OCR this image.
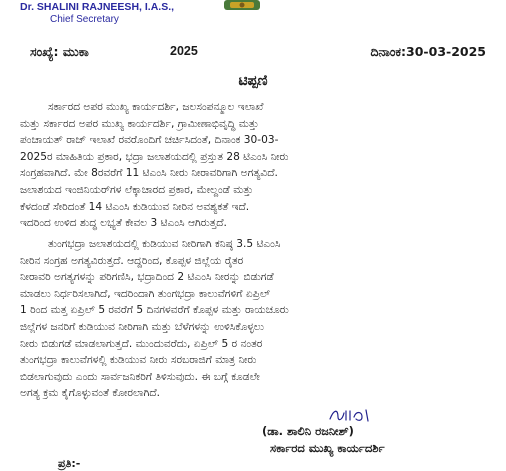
Dr. SHALINI RAJNEESH, I.A.S.,
Chief Secretary
ಸಂಖ್ಯೆ: ಮುಕಾ	2025	ದಿನಾಂಕ:30-03-2025
ಟಿಪ್ಪಣಿ
ಸರ್ಕಾರದ ಅಪರ ಮುಖ್ಯ ಕಾರ್ಯದರ್ಶಿ, ಜಲಸಂಪನ್ಮೂಲ ಇಲಾಖೆ
ಮತ್ತು ಸರ್ಕಾರದ ಅಪರ ಮುಖ್ಯ ಕಾರ್ಯದರ್ಶಿ, ಗ್ರಾಮೀಣಾಭಿವೃದ್ಧಿ ಮತ್ತು
ಪಂಚಾಯತ್ ರಾಜ್ ಇಲಾಖೆ ರವರೊಂದಿಗೆ ಚರ್ಚಿಸಿದಂತೆ, ದಿನಾಂಕ 30-03-
2025ರ ಮಾಹಿತಿಯ ಪ್ರಕಾರ, ಭದ್ರಾ ಜಲಾಶಯದಲ್ಲಿ ಪ್ರಸ್ತುತ 28 ಟಿಎಂಸಿ ನೀರು
ಸಂಗ್ರಹವಾಗಿದೆ. ಮೇ 8ರವರೆಗೆ 11 ಟಿಎಂಸಿ ನೀರು ನೀರಾವರಿಗಾಗಿ ಅಗತ್ಯವಿದೆ.
ಜಲಾಶಯದ ಇಂಜಿನಿಯರ್‌ಗಳ ಲೆಕ್ಕಾಚಾರದ ಪ್ರಕಾರ, ಮೇಲ್ದಂಡೆ ಮತ್ತು
ಕೆಳದಂಡೆ ಸೇರಿದಂತೆ 14 ಟಿಎಂಸಿ ಕುಡಿಯುವ ನೀರಿನ ಅವಶ್ಯಕತೆ ಇದೆ.
ಇದರಿಂದ ಉಳಿದ ಶುದ್ಧ ಲಭ್ಯತೆ ಕೇವಲ 3 ಟಿಎಂಸಿ ಆಗಿರುತ್ತದೆ.
ತುಂಗಭದ್ರಾ ಜಲಾಶಯದಲ್ಲಿ ಕುಡಿಯುವ ನೀರಿಗಾಗಿ ಕನಿಷ್ಠ 3.5 ಟಿಎಂಸಿ
ನೀರಿನ ಸಂಗ್ರಹ ಅಗತ್ಯವಿರುತ್ತದೆ. ಆದ್ದರಿಂದ, ಕೊಪ್ಪಳ ಜಿಲ್ಲೆಯ ರೈತರ
ನೀರಾವರಿ ಅಗತ್ಯಗಳನ್ನು ಪರಿಗಣಿಸಿ, ಭದ್ರಾದಿಂದ 2 ಟಿಎಂಸಿ ನೀರನ್ನು ಬಿಡುಗಡೆ
ಮಾಡಲು ನಿರ್ಧರಿಸಲಾಗಿದೆ, ಇದರಿಂದಾಗಿ ತುಂಗಭದ್ರಾ ಕಾಲುವೆಗಳಿಗೆ ಏಪ್ರಿಲ್
1 ರಿಂದ ಮತ್ತ ಏಪ್ರಿಲ್ 5 ರವರೆಗೆ 5 ದಿನಗಳವರೆಗೆ ಕೊಪ್ಪಳ ಮತ್ತು ರಾಯಚೂರು
ಜಿಲ್ಲೆಗಳ ಜನರಿಗೆ ಕುಡಿಯುವ ನೀರಿಗಾಗಿ ಮತ್ತು ಬೆಳೆಗಳನ್ನು ಉಳಿಸಿಕೊಳ್ಳಲು
ನೀರು ಬಿಡುಗಡೆ ಮಾಡಲಾಗುತ್ತದೆ. ಮುಂದುವರೆದು, ಏಪ್ರಿಲ್ 5 ರ ನಂತರ
ತುಂಗಭದ್ರಾ ಕಾಲುವೆಗಳಲ್ಲಿ ಕುಡಿಯುವ ನೀರು ಸರಬರಾಜಿಗೆ ಮಾತ್ರ ನೀರು
ಬಿಡಲಾಗುವುದು ಎಂದು ಸಾರ್ವಜನಿಕರಿಗೆ ತಿಳಿಸುವುದು. ಈ ಬಗ್ಗೆ ಕೂಡಲೇ
ಅಗತ್ಯ ಕ್ರಮ ಕೈಗೊಳ್ಳುವಂತೆ ಕೋರಲಾಗಿದೆ.
(ಡಾ. ಶಾಲಿನಿ ರಜನೀಶ್)
ಸರ್ಕಾರದ ಮುಖ್ಯ ಕಾರ್ಯದರ್ಶಿ
ಪ್ರತಿ:-
